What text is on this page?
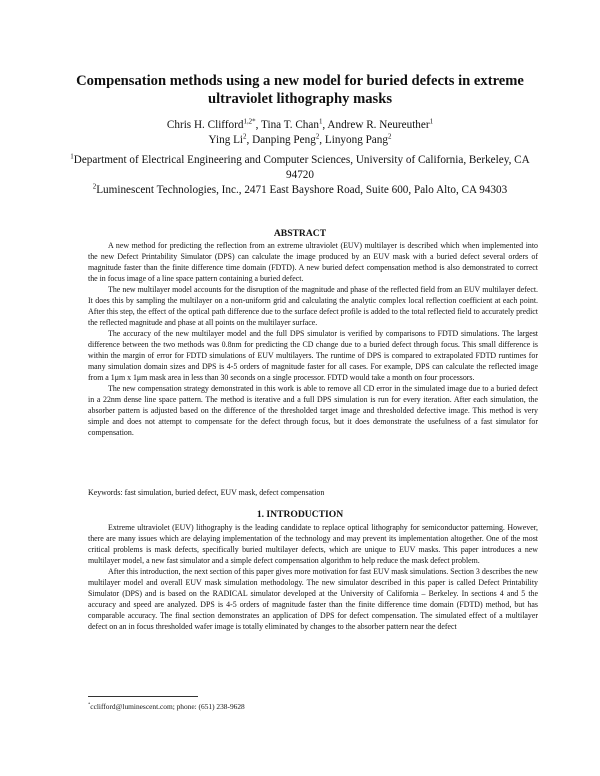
Compensation methods using a new model for buried defects in extreme ultraviolet lithography masks
Chris H. Clifford$^{1,2*}$, Tina T. Chan$^1$, Andrew R. Neureuther$^1$
Ying Li$^2$, Danping Peng$^2$, Linyong Pang$^2$

$^1$Department of Electrical Engineering and Computer Sciences, University of California, Berkeley, CA 94720

$^2$Luminescent Technologies, Inc., 2471 East Bayshore Road, Suite 600, Palo Alto, CA 94303

ABSTRACT

A new method for predicting the reflection from an extreme ultraviolet (EUV) multilayer is described which when implemented into the new Defect Printability Simulator (DPS) can calculate the image produced by an EUV mask with a buried defect several orders of magnitude faster than the finite difference time domain (FDTD). A new buried defect compensation method is also demonstrated to correct the in focus image of a line space pattern containing a buried defect.

The new multilayer model accounts for the disruption of the magnitude and phase of the reflected field from an EUV multilayer defect. It does this by sampling the multilayer on a non-uniform grid and calculating the analytic complex local reflection coefficient at each point. After this step, the effect of the optical path difference due to the surface defect profile is added to the total reflected field to accurately predict the reflected magnitude and phase at all points on the multilayer surface.

The accuracy of the new multilayer model and the full DPS simulator is verified by comparisons to FDTD simulations. The largest difference between the two methods was 0.8nm for predicting the CD change due to a buried defect through focus. This small difference is within the margin of error for FDTD simulations of EUV multilayers. The runtime of DPS is compared to extrapolated FDTD runtimes for many simulation domain sizes and DPS is 4-5 orders of magnitude faster for all cases. For example, DPS can calculate the reflected image from a 1μm x 1μm mask area in less than 30 seconds on a single processor. FDTD would take a month on four processors.

The new compensation strategy demonstrated in this work is able to remove all CD error in the simulated image due to a buried defect in a 22nm dense line space pattern. The method is iterative and a full DPS simulation is run for every iteration. After each simulation, the absorber pattern is adjusted based on the difference of the thresholded target image and thresholded defective image. This method is very simple and does not attempt to compensate for the defect through focus, but it does demonstrate the usefulness of a fast simulator for compensation.

Keywords: fast simulation, buried defect, EUV mask, defect compensation

1. INTRODUCTION

Extreme ultraviolet (EUV) lithography is the leading candidate to replace optical lithography for semiconductor patterning. However, there are many issues which are delaying implementation of the technology and may prevent its implementation altogether. One of the most critical problems is mask defects, specifically buried multilayer defects, which are unique to EUV masks. This paper introduces a new multilayer model, a new fast simulator and a simple defect compensation algorithm to help reduce the mask defect problem.

After this introduction, the next section of this paper gives more motivation for fast EUV mask simulations. Section 3 describes the new multilayer model and overall EUV mask simulation methodology. The new simulator described in this paper is called Defect Printability Simulator (DPS) and is based on the RADICAL simulator developed at the University of California – Berkeley. In sections 4 and 5 the accuracy and speed are analyzed. DPS is 4-5 orders of magnitude faster than the finite difference time domain (FDTD) method, but has comparable accuracy. The final section demonstrates an application of DPS for defect compensation. The simulated effect of a multilayer defect on an in focus thresholded wafer image is totally eliminated by changes to the absorber pattern near the defect

*cclifford@luminescent.com; phone: (651) 238-9628
